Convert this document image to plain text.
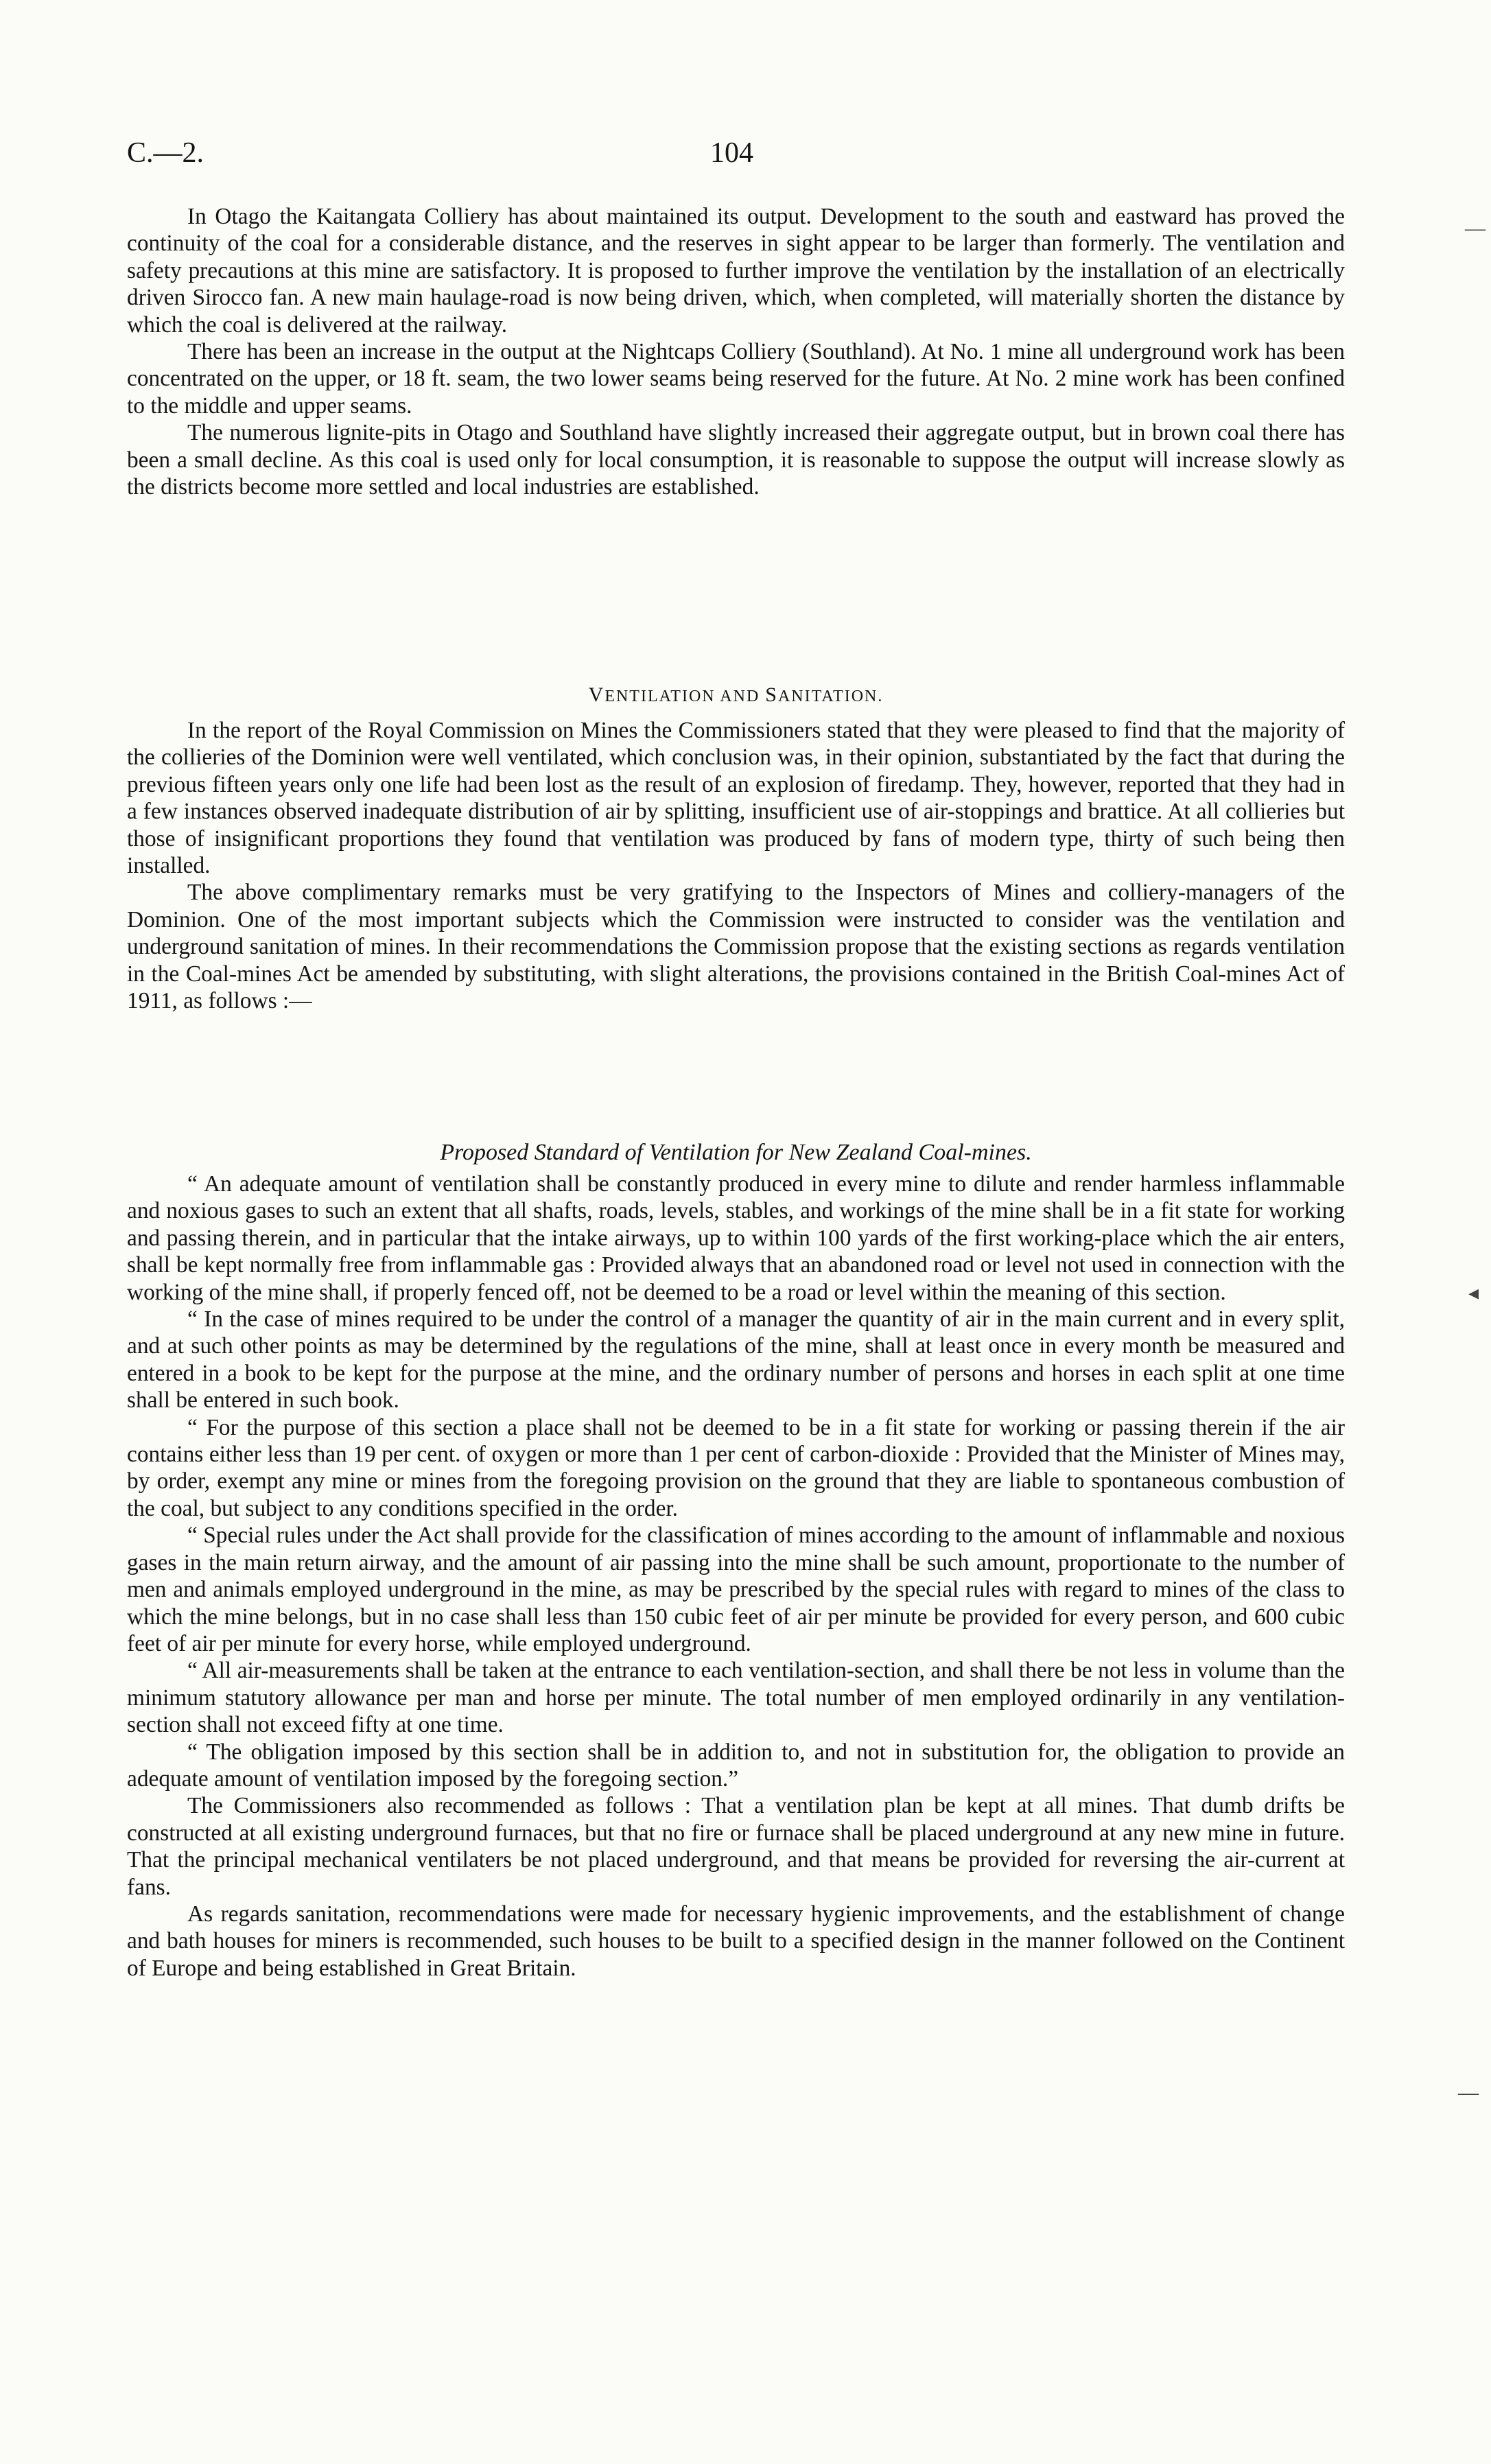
C.—2.	104

In Otago the Kaitangata Colliery has about maintained its output. Development to the south and eastward has proved the continuity of the coal for a considerable distance, and the reserves in sight appear to be larger than formerly. The ventilation and safety precautions at this mine are satisfactory. It is proposed to further improve the ventilation by the installation of an electrically driven Sirocco fan. A new main haulage-road is now being driven, which, when completed, will materially shorten the distance by which the coal is delivered at the railway.

There has been an increase in the output at the Nightcaps Colliery (Southland). At No. 1 mine all underground work has been concentrated on the upper, or 18 ft. seam, the two lower seams being reserved for the future. At No. 2 mine work has been confined to the middle and upper seams.

The numerous lignite-pits in Otago and Southland have slightly increased their aggregate output, but in brown coal there has been a small decline. As this coal is used only for local consumption, it is reasonable to suppose the output will increase slowly as the districts become more settled and local industries are established.

VENTILATION AND SANITATION.

In the report of the Royal Commission on Mines the Commissioners stated that they were pleased to find that the majority of the collieries of the Dominion were well ventilated, which conclusion was, in their opinion, substantiated by the fact that during the previous fifteen years only one life had been lost as the result of an explosion of firedamp. They, however, reported that they had in a few instances observed inadequate distribution of air by splitting, insufficient use of air-stoppings and brattice. At all collieries but those of insignificant proportions they found that ventilation was produced by fans of modern type, thirty of such being then installed.

The above complimentary remarks must be very gratifying to the Inspectors of Mines and colliery-managers of the Dominion. One of the most important subjects which the Commission were instructed to consider was the ventilation and underground sanitation of mines. In their recommendations the Commission propose that the existing sections as regards ventilation in the Coal-mines Act be amended by substituting, with slight alterations, the provisions contained in the British Coal-mines Act of 1911, as follows :—

Proposed Standard of Ventilation for New Zealand Coal-mines.

“ An adequate amount of ventilation shall be constantly produced in every mine to dilute and render harmless inflammable and noxious gases to such an extent that all shafts, roads, levels, stables, and workings of the mine shall be in a fit state for working and passing therein, and in particular that the intake airways, up to within 100 yards of the first working-place which the air enters, shall be kept normally free from inflammable gas : Provided always that an abandoned road or level not used in connection with the working of the mine shall, if properly fenced off, not be deemed to be a road or level within the meaning of this section.

“ In the case of mines required to be under the control of a manager the quantity of air in the main current and in every split, and at such other points as may be determined by the regulations of the mine, shall at least once in every month be measured and entered in a book to be kept for the purpose at the mine, and the ordinary number of persons and horses in each split at one time shall be entered in such book.

“ For the purpose of this section a place shall not be deemed to be in a fit state for working or passing therein if the air contains either less than 19 per cent. of oxygen or more than 1 per cent of carbon-dioxide : Provided that the Minister of Mines may, by order, exempt any mine or mines from the foregoing provision on the ground that they are liable to spontaneous combustion of the coal, but subject to any conditions specified in the order.

“ Special rules under the Act shall provide for the classification of mines according to the amount of inflammable and noxious gases in the main return airway, and the amount of air passing into the mine shall be such amount, proportionate to the number of men and animals employed underground in the mine, as may be prescribed by the special rules with regard to mines of the class to which the mine belongs, but in no case shall less than 150 cubic feet of air per minute be provided for every person, and 600 cubic feet of air per minute for every horse, while employed underground.

“ All air-measurements shall be taken at the entrance to each ventilation-section, and shall there be not less in volume than the minimum statutory allowance per man and horse per minute. The total number of men employed ordinarily in any ventilation-section shall not exceed fifty at one time.

“ The obligation imposed by this section shall be in addition to, and not in substitution for, the obligation to provide an adequate amount of ventilation imposed by the foregoing section.”

The Commissioners also recommended as follows : That a ventilation plan be kept at all mines. That dumb drifts be constructed at all existing underground furnaces, but that no fire or furnace shall be placed underground at any new mine in future. That the principal mechanical ventilaters be not placed underground, and that means be provided for reversing the air-current at fans.

As regards sanitation, recommendations were made for necessary hygienic improvements, and the establishment of change and bath houses for miners is recommended, such houses to be built to a specified design in the manner followed on the Continent of Europe and being established in Great Britain.

—
◂
—
